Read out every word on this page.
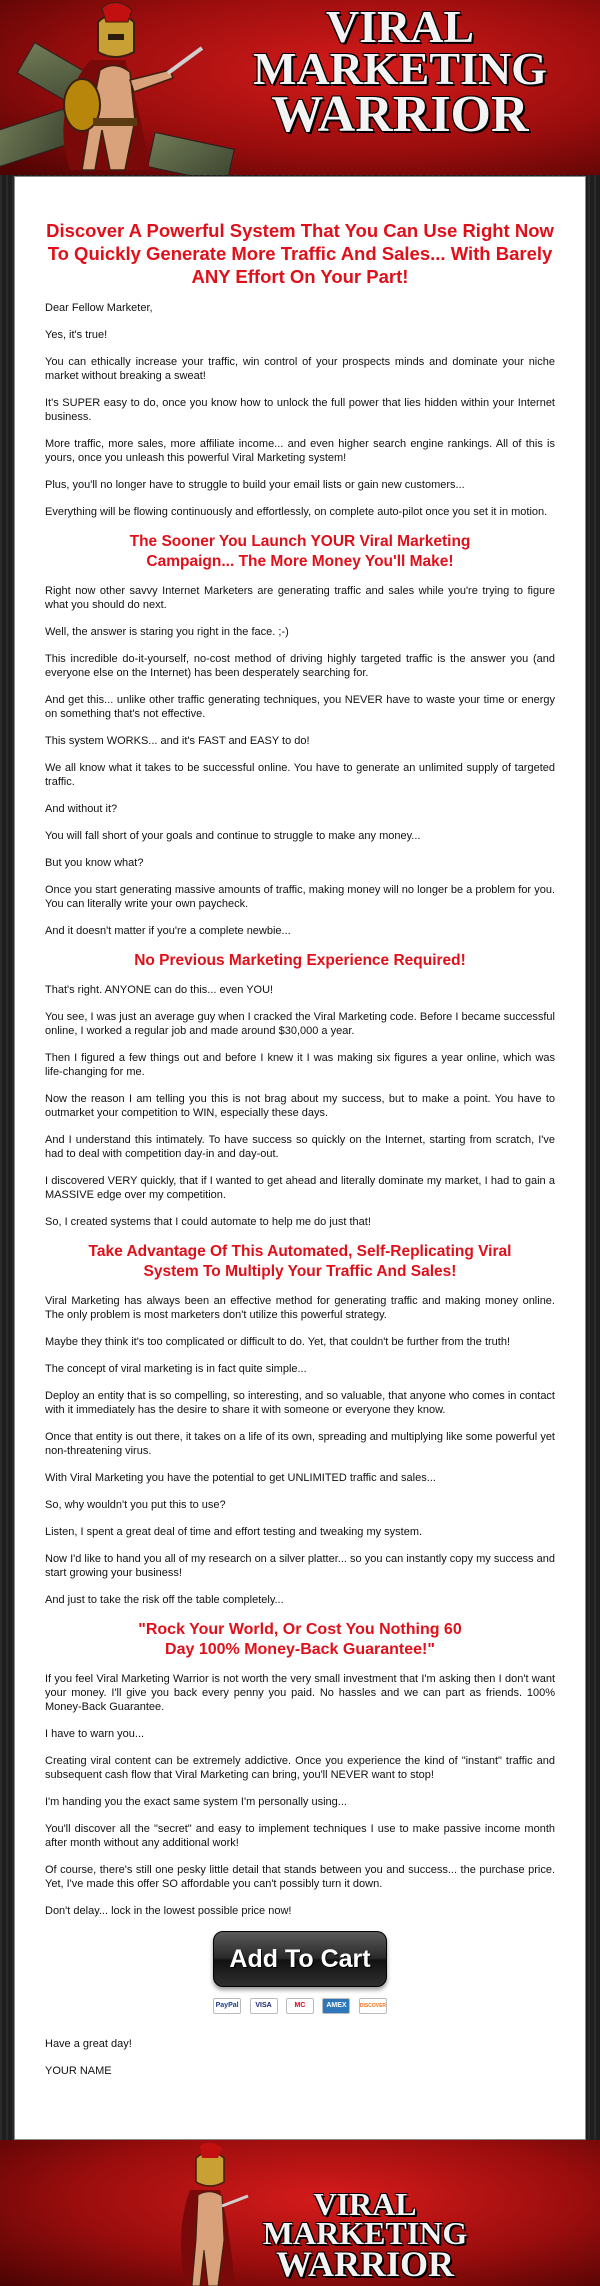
VIRAL
MARKETING
WARRIOR
Discover A Powerful System That You Can Use Right Now To Quickly Generate More Traffic And Sales... With Barely ANY Effort On Your Part!

Dear Fellow Marketer,

Yes, it's true!

You can ethically increase your traffic, win control of your prospects minds and dominate your niche market without breaking a sweat!

It's SUPER easy to do, once you know how to unlock the full power that lies hidden within your Internet business.

More traffic, more sales, more affiliate income... and even higher search engine rankings. All of this is yours, once you unleash this powerful Viral Marketing system!

Plus, you'll no longer have to struggle to build your email lists or gain new customers...

Everything will be flowing continuously and effortlessly, on complete auto-pilot once you set it in motion.

The Sooner You Launch YOUR Viral Marketing Campaign... The More Money You'll Make!

Right now other savvy Internet Marketers are generating traffic and sales while you're trying to figure what you should do next.

Well, the answer is staring you right in the face. ;-)

This incredible do-it-yourself, no-cost method of driving highly targeted traffic is the answer you (and everyone else on the Internet) has been desperately searching for.

And get this... unlike other traffic generating techniques, you NEVER have to waste your time or energy on something that's not effective.

This system WORKS... and it's FAST and EASY to do!

We all know what it takes to be successful online. You have to generate an unlimited supply of targeted traffic.

And without it?

You will fall short of your goals and continue to struggle to make any money...

But you know what?

Once you start generating massive amounts of traffic, making money will no longer be a problem for you. You can literally write your own paycheck.

And it doesn't matter if you're a complete newbie...

No Previous Marketing Experience Required!

That's right. ANYONE can do this... even YOU!

You see, I was just an average guy when I cracked the Viral Marketing code. Before I became successful online, I worked a regular job and made around $30,000 a year.

Then I figured a few things out and before I knew it I was making six figures a year online, which was life-changing for me.

Now the reason I am telling you this is not brag about my success, but to make a point. You have to outmarket your competition to WIN, especially these days.

And I understand this intimately. To have success so quickly on the Internet, starting from scratch, I've had to deal with competition day-in and day-out.

I discovered VERY quickly, that if I wanted to get ahead and literally dominate my market, I had to gain a MASSIVE edge over my competition.

So, I created systems that I could automate to help me do just that!

Take Advantage Of This Automated, Self-Replicating Viral System To Multiply Your Traffic And Sales!

Viral Marketing has always been an effective method for generating traffic and making money online. The only problem is most marketers don't utilize this powerful strategy.

Maybe they think it's too complicated or difficult to do. Yet, that couldn't be further from the truth!

The concept of viral marketing is in fact quite simple...

Deploy an entity that is so compelling, so interesting, and so valuable, that anyone who comes in contact with it immediately has the desire to share it with someone or everyone they know.

Once that entity is out there, it takes on a life of its own, spreading and multiplying like some powerful yet non-threatening virus.

With Viral Marketing you have the potential to get UNLIMITED traffic and sales...

So, why wouldn't you put this to use?

Listen, I spent a great deal of time and effort testing and tweaking my system.

Now I'd like to hand you all of my research on a silver platter... so you can instantly copy my success and start growing your business!

And just to take the risk off the table completely...

"Rock Your World, Or Cost You Nothing 60 Day 100% Money-Back Guarantee!"

If you feel Viral Marketing Warrior is not worth the very small investment that I'm asking then I don't want your money. I'll give you back every penny you paid. No hassles and we can part as friends. 100% Money-Back Guarantee.

I have to warn you...

Creating viral content can be extremely addictive. Once you experience the kind of "instant" traffic and subsequent cash flow that Viral Marketing can bring, you'll NEVER want to stop!

I'm handing you the exact same system I'm personally using...

You'll discover all the "secret" and easy to implement techniques I use to make passive income month after month without any additional work!

Of course, there's still one pesky little detail that stands between you and success... the purchase price. Yet, I've made this offer SO affordable you can't possibly turn it down.

Don't delay... lock in the lowest possible price now!

Add To Cart
PayPal VISA	MC	AMEX	DISCOVER

Have a great day!

YOUR NAME

VIRAL
MARKETING
WARRIOR
